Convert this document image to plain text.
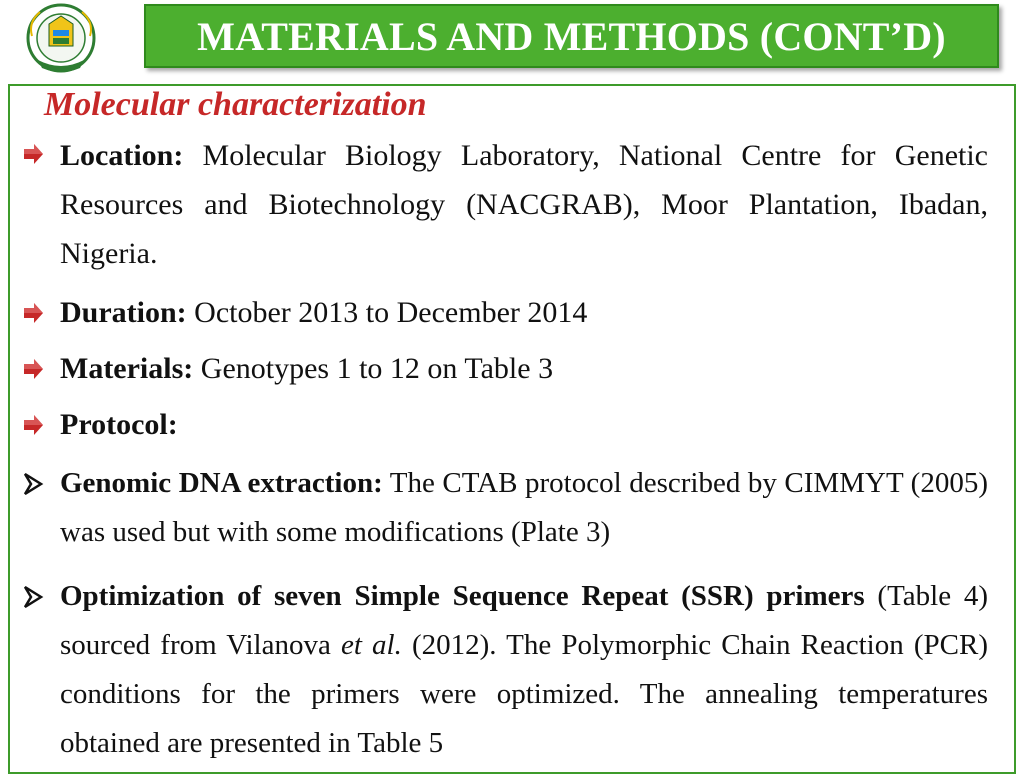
MATERIALS AND METHODS (CONT’D)
Molecular characterization
Location: Molecular Biology Laboratory, National Centre for Genetic Resources and Biotechnology (NACGRAB), Moor Plantation, Ibadan, Nigeria.
Duration: October 2013 to December 2014
Materials: Genotypes 1 to 12 on Table 3
Protocol:
Genomic DNA extraction: The CTAB protocol described by CIMMYT (2005) was used but with some modifications (Plate 3)
Optimization of seven Simple Sequence Repeat (SSR) primers (Table 4) sourced from Vilanova et al. (2012). The Polymorphic Chain Reaction (PCR) conditions for the primers were optimized. The annealing temperatures obtained are presented in Table 5
